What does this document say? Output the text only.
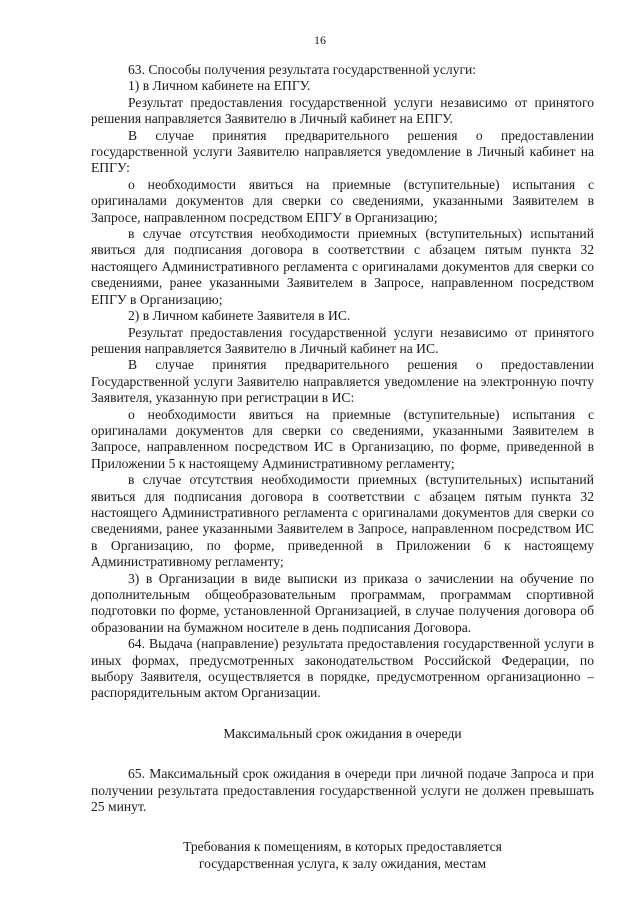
16

63. Способы получения результата государственной услуги:

1) в Личном кабинете на ЕПГУ.

Результат предоставления государственной услуги независимо от принятого решения направляется Заявителю в Личный кабинет на ЕПГУ.

В случае принятия предварительного решения о предоставлении государственной услуги Заявителю направляется уведомление в Личный кабинет на ЕПГУ:

о необходимости явиться на приемные (вступительные) испытания с оригиналами документов для сверки со сведениями, указанными Заявителем в Запросе, направленном посредством ЕПГУ в Организацию;

в случае отсутствия необходимости приемных (вступительных) испытаний явиться для подписания договора в соответствии с абзацем пятым пункта 32 настоящего Административного регламента с оригиналами документов для сверки со сведениями, ранее указанными Заявителем в Запросе, направленном посредством ЕПГУ в Организацию;

2) в Личном кабинете Заявителя в ИС.

Результат предоставления государственной услуги независимо от принятого решения направляется Заявителю в Личный кабинет на ИС.

В случае принятия предварительного решения о предоставлении Государственной услуги Заявителю направляется уведомление на электронную почту Заявителя, указанную при регистрации в ИС:

о необходимости явиться на приемные (вступительные) испытания с оригиналами документов для сверки со сведениями, указанными Заявителем в Запросе, направленном посредством ИС в Организацию, по форме, приведенной в Приложении 5 к настоящему Административному регламенту;

в случае отсутствия необходимости приемных (вступительных) испытаний явиться для подписания договора в соответствии с абзацем пятым пункта 32 настоящего Административного регламента с оригиналами документов для сверки со сведениями, ранее указанными Заявителем в Запросе, направленном посредством ИС в Организацию, по форме, приведенной в Приложении 6 к настоящему Административному регламенту;

3) в Организации в виде выписки из приказа о зачислении на обучение по дополнительным общеобразовательным программам, программам спортивной подготовки по форме, установленной Организацией, в случае получения договора об образовании на бумажном носителе в день подписания Договора.

64. Выдача (направление) результата предоставления государственной услуги в иных формах, предусмотренных законодательством Российской Федерации, по выбору Заявителя, осуществляется в порядке, предусмотренном организационно – распорядительным актом Организации.

Максимальный срок ожидания в очереди

65. Максимальный срок ожидания в очереди при личной подаче Запроса и при получении результата предоставления государственной услуги не должен превышать 25 минут.

Требования к помещениям, в которых предоставляется

государственная услуга, к залу ожидания, местам
